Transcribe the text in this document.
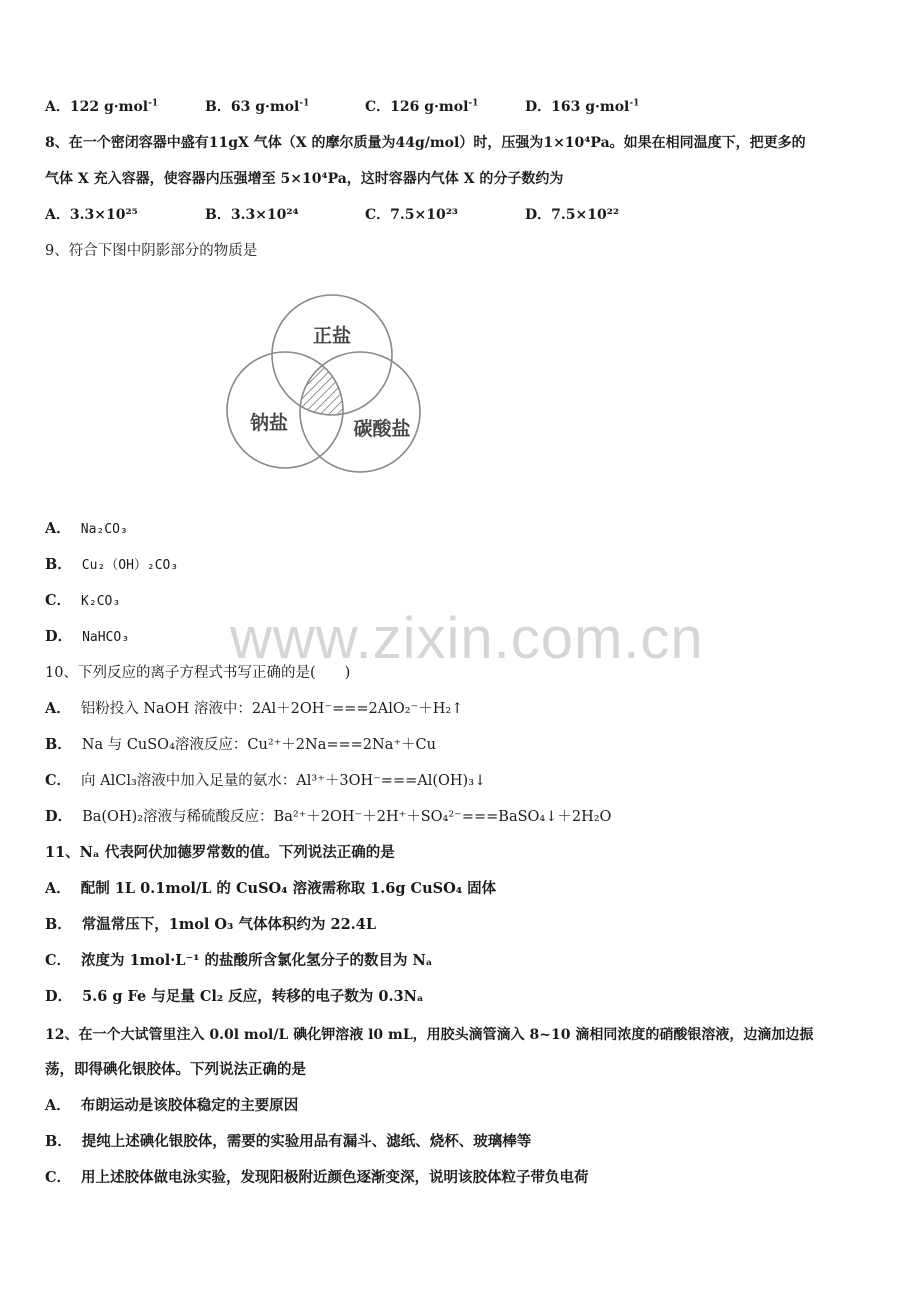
A．122 g·mol$^{-1}$	B．63 g·mol$^{-1}$	C．126 g·mol$^{-1}$	D．163 g·mol$^{-1}$
8、在一个密闭容器中盛有11gX 气体（X 的摩尔质量为44g/mol）时，压强为1×10⁴Pa。如果在相同温度下，把更多的
气体 X 充入容器，使容器内压强增至 5×10⁴Pa，这时容器内气体 X 的分子数约为
A．3.3×10²⁵	B．3.3×10²⁴	C．7.5×10²³	D．7.5×10²²
9、符合下图中阴影部分的物质是
正盐
钠盐	碳酸盐
A． Na₂CO₃
B． Cu₂（OH）₂CO₃
C． K₂CO₃
D． NaHCO₃ www.zixin.com.cn
10、下列反应的离子方程式书写正确的是(　　)
A． 铝粉投入 NaOH 溶液中：2Al＋2OH⁻===2AlO₂⁻＋H₂↑
B． Na 与 CuSO₄溶液反应：Cu²⁺＋2Na===2Na⁺＋Cu
C． 向 AlCl₃溶液中加入足量的氨水：Al³⁺＋3OH⁻===Al(OH)₃↓
D． Ba(OH)₂溶液与稀硫酸反应：Ba²⁺＋2OH⁻＋2H⁺＋SO₄²⁻===BaSO₄↓＋2H₂O
11、Nₐ 代表阿伏加德罗常数的值。下列说法正确的是
A． 配制 1L 0.1mol/L 的 CuSO₄ 溶液需称取 1.6g CuSO₄ 固体
B． 常温常压下，1mol O₃ 气体体积约为 22.4L
C． 浓度为 1mol·L⁻¹ 的盐酸所含氯化氢分子的数目为 Nₐ
D． 5.6 g Fe 与足量 Cl₂ 反应，转移的电子数为 0.3Nₐ
12、在一个大试管里注入 0.0l mol/L 碘化钾溶液 l0 mL，用胶头滴管滴入 8~10 滴相同浓度的硝酸银溶液，边滴加边振
荡，即得碘化银胶体。下列说法正确的是
A． 布朗运动是该胶体稳定的主要原因
B． 提纯上述碘化银胶体，需要的实验用品有漏斗、滤纸、烧杯、玻璃棒等
C． 用上述胶体做电泳实验，发现阳极附近颜色逐渐变深，说明该胶体粒子带负电荷
